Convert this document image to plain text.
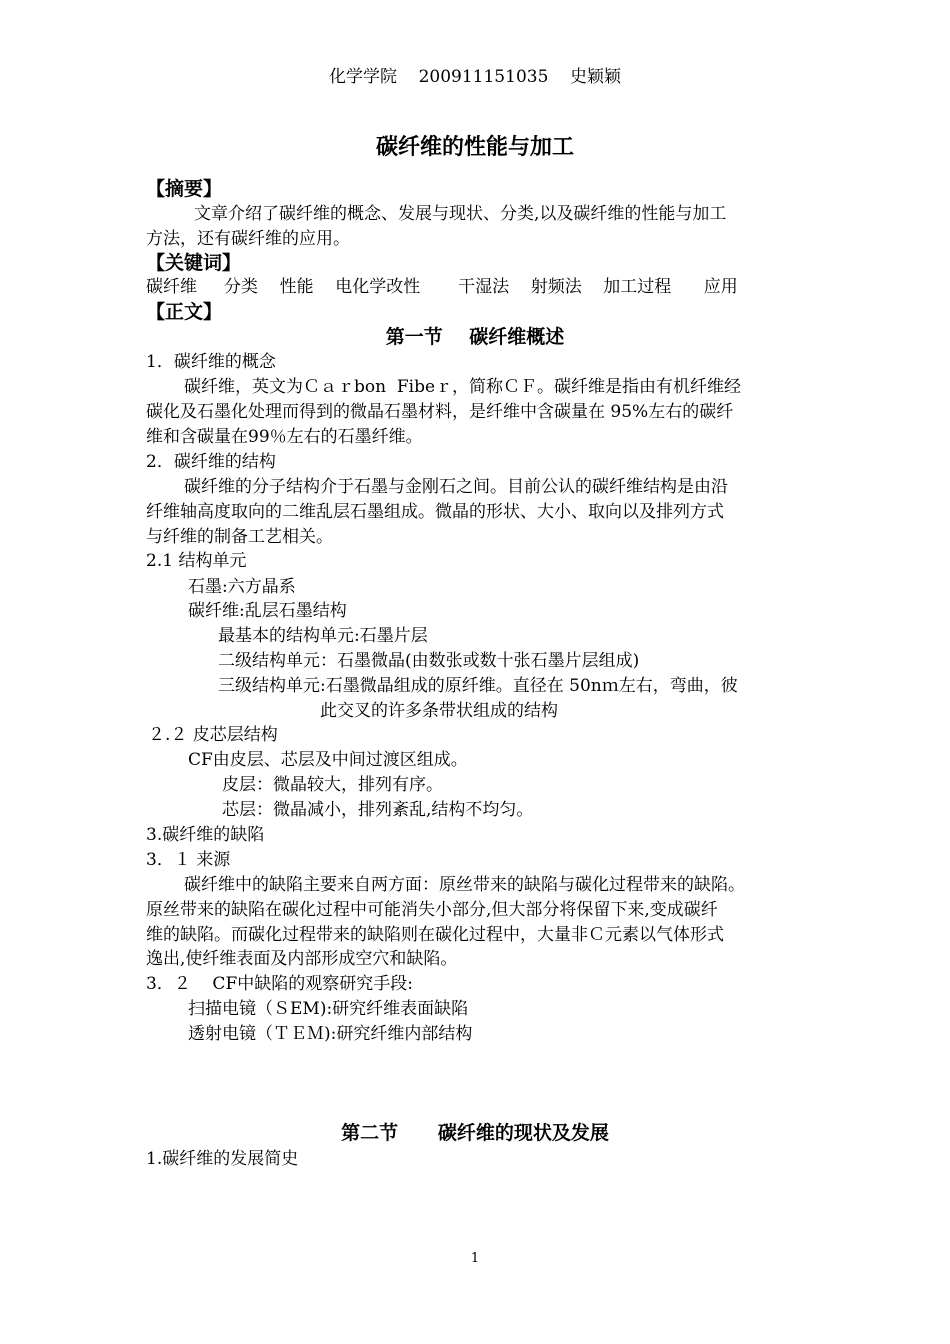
化学学院    200911151035    史颖颖
碳纤维的性能与加工
【摘要】
文章介绍了碳纤维的概念、发展与现状、分类,以及碳纤维的性能与加工
方法，还有碳纤维的应用。
【关键词】
碳纤维     分类    性能    电化学改性       干湿法    射频法    加工过程      应用
【正文】
第一节    碳纤维概述
1．碳纤维的概念
碳纤维，英文为Ｃａｒbon  Fibeｒ，简称ＣＦ。碳纤维是指由有机纤维经
碳化及石墨化处理而得到的微晶石墨材料，是纤维中含碳量在 95%左右的碳纤
维和含碳量在99％左右的石墨纤维。
2．碳纤维的结构
碳纤维的分子结构介于石墨与金刚石之间。目前公认的碳纤维结构是由沿
纤维轴高度取向的二维乱层石墨组成。微晶的形状、大小、取向以及排列方式
与纤维的制备工艺相关。
2.1 结构单元
石墨:六方晶系
碳纤维:乱层石墨结构
最基本的结构单元:石墨片层
二级结构单元：石墨微晶(由数张或数十张石墨片层组成)
三级结构单元:石墨微晶组成的原纤维。直径在 50nｍ左右，弯曲，彼
此交叉的许多条带状组成的结构
２.２ 皮芯层结构
CF由皮层、芯层及中间过渡区组成。
皮层：微晶较大，排列有序。
芯层：微晶减小，排列紊乱,结构不均匀。
3.碳纤维的缺陷
3．１ 来源
碳纤维中的缺陷主要来自两方面：原丝带来的缺陷与碳化过程带来的缺陷。
原丝带来的缺陷在碳化过程中可能消失小部分,但大部分将保留下来,变成碳纤
维的缺陷。而碳化过程带来的缺陷则在碳化过程中，大量非Ｃ元素以气体形式
逸出,使纤维表面及内部形成空穴和缺陷。
3．２    CF中缺陷的观察研究手段:
扫描电镜（ＳEM):研究纤维表面缺陷
透射电镜（ＴＥＭ):研究纤维内部结构
第二节      碳纤维的现状及发展
1.碳纤维的发展简史
1
